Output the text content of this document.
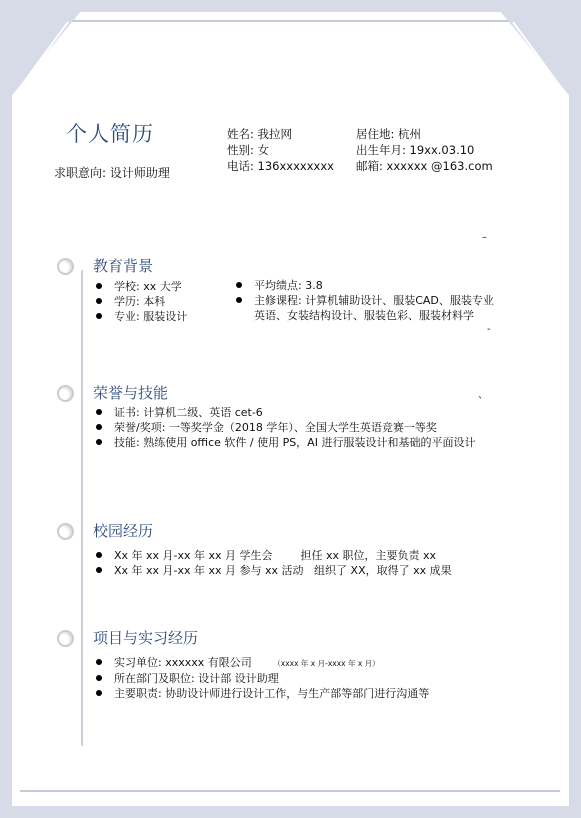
个人简历
求职意向: 设计师助理
姓名: 我拉网
性别: 女
电话: 136xxxxxxxx
居住地: 杭州
出生年月: 19xx.03.10
邮箱: xxxxxx @163.com
教育背景
学校: xx 大学
学历: 本科
专业: 服装设计
平均绩点: 3.8
主修课程: 计算机辅助设计、服装CAD、服装专业英语、女装结构设计、服装色彩、服装材料学
荣誉与技能
证书: 计算机二级、英语 cet-6
荣誉/奖项: 一等奖学金（2018 学年）、全国大学生英语竞赛一等奖
技能: 熟练使用 office 软件 / 使用 PS，AI 进行服装设计和基础的平面设计
校园经历
Xx 年 xx 月-xx 年 xx 月 学生会        担任 xx 职位，主要负责 xx
Xx 年 xx 月-xx 年 xx 月 参与 xx 活动   组织了 XX，取得了 xx 成果
项目与实习经历
实习单位: xxxxxx 有限公司	（xxxx 年 x 月-xxxx 年 x 月）
所在部门及职位: 设计部 设计助理
主要职责: 协助设计师进行设计工作，与生产部等部门进行沟通等
–
-
、
